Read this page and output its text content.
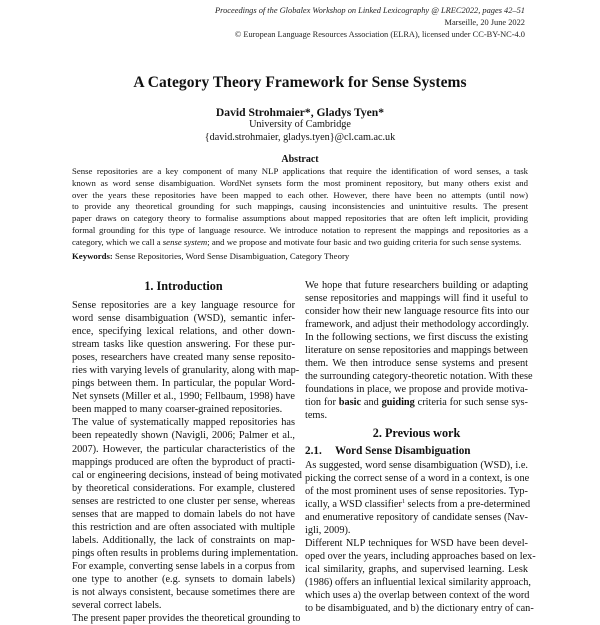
Proceedings of the Globalex Workshop on Linked Lexicography @ LREC2022, pages 42–51
Marseille, 20 June 2022
© European Language Resources Association (ELRA), licensed under CC-BY-NC-4.0
A Category Theory Framework for Sense Systems
David Strohmaier*, Gladys Tyen*
University of Cambridge
{david.strohmaier, gladys.tyen}@cl.cam.ac.uk
Abstract
Sense repositories are a key component of many NLP applications that require the identification of word senses, a task
known as word sense disambiguation. WordNet synsets form the most prominent repository, but many others exist and
over the years these repositories have been mapped to each other. However, there have been no attempts (until now)
to provide any theoretical grounding for such mappings, causing inconsistencies and unintuitive results. The present
paper draws on category theory to formalise assumptions about mapped repositories that are often left implicit, providing
formal grounding for this type of language resource. We introduce notation to represent the mappings and repositories as a
category, which we call a sense system; and we propose and motivate four basic and two guiding criteria for such sense systems.
Keywords: Sense Repositories, Word Sense Disambiguation, Category Theory
1. Introduction
Sense repositories are a key language resource for
word sense disambiguation (WSD), semantic infer-
ence, specifying lexical relations, and other down-
stream tasks like question answering. For these pur-
poses, researchers have created many sense reposito-
ries with varying levels of granularity, along with map-
pings between them. In particular, the popular Word-
Net synsets (Miller et al., 1990; Fellbaum, 1998) have
been mapped to many coarser-grained repositories.
The value of systematically mapped repositories has
been repeatedly shown (Navigli, 2006; Palmer et al.,
2007). However, the particular characteristics of the
mappings produced are often the byproduct of practi-
cal or engineering decisions, instead of being motivated
by theoretical considerations. For example, clustered
senses are restricted to one cluster per sense, whereas
senses that are mapped to domain labels do not have
this restriction and are often associated with multiple
labels. Additionally, the lack of constraints on map-
pings often results in problems during implementation.
For example, converting sense labels in a corpus from
one type to another (e.g. synsets to domain labels)
is not always consistent, because sometimes there are
several correct labels.
The present paper provides the theoretical grounding to
We hope that future researchers building or adapting
sense repositories and mappings will find it useful to
consider how their new language resource fits into our
framework, and adjust their methodology accordingly.
In the following sections, we first discuss the existing
literature on sense repositories and mappings between
them. We then introduce sense systems and present
the surrounding category-theoretic notation. With these
foundations in place, we propose and provide motiva-
tion for basic and guiding criteria for such sense sys-
tems.
2. Previous work
2.1. Word Sense Disambiguation
As suggested, word sense disambiguation (WSD), i.e.
picking the correct sense of a word in a context, is one
of the most prominent uses of sense repositories. Typ-
ically, a WSD classifier$^1$ selects from a pre-determined
and enumerative repository of candidate senses (Nav-
igli, 2009).
Different NLP techniques for WSD have been devel-
oped over the years, including approaches based on lex-
ical similarity, graphs, and supervised learning. Lesk
(1986) offers an influential lexical similarity approach,
which uses a) the overlap between context of the word
to be disambiguated, and b) the dictionary entry of can-
